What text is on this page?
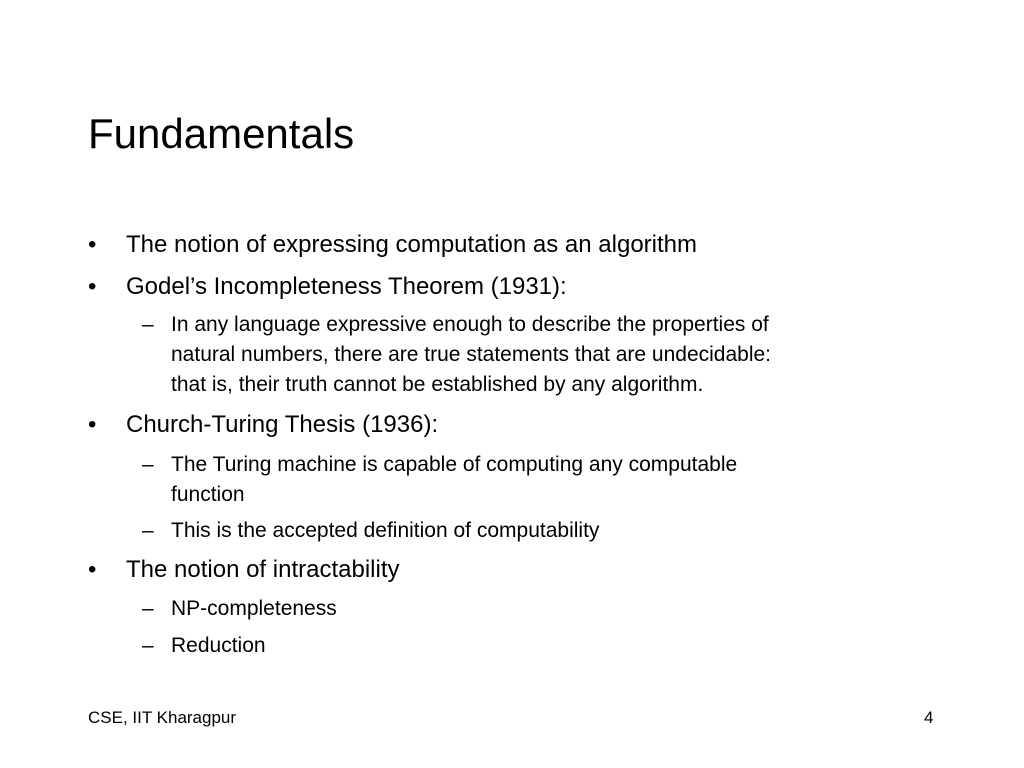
Fundamentals
• The notion of expressing computation as an algorithm
• Godel’s Incompleteness Theorem (1931):
– In any language expressive enough to describe the properties of
natural numbers, there are true statements that are undecidable:
that is, their truth cannot be established by any algorithm.
• Church-Turing Thesis (1936):
– The Turing machine is capable of computing any computable
function
– This is the accepted definition of computability
• The notion of intractability
– NP-completeness
– Reduction
CSE, IIT Kharagpur	4
